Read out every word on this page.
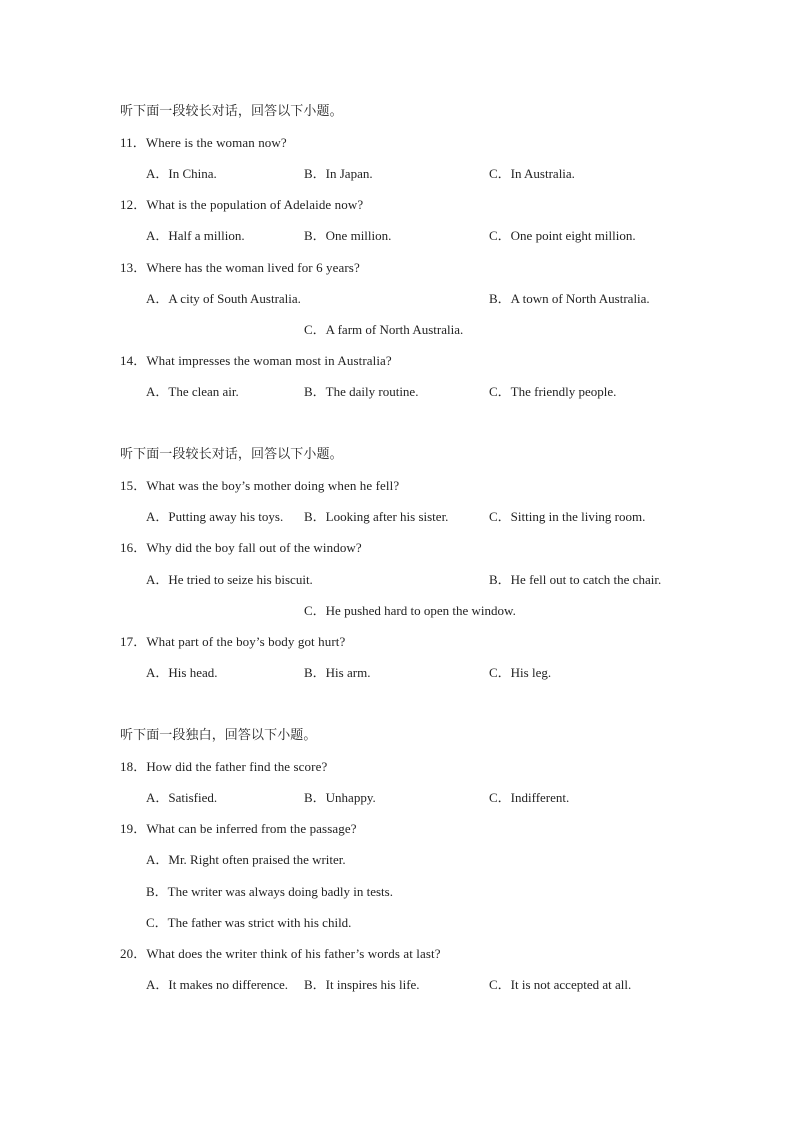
听下面一段较长对话，回答以下小题。
11．Where is the woman now?
A．In China.	B．In Japan.	C．In Australia.
12．What is the population of Adelaide now?
A．Half a million.	B．One million.	C．One point eight million.
13．Where has the woman lived for 6 years?
A．A city of South Australia.	B．A town of North Australia.
C．A farm of North Australia.
14．What impresses the woman most in Australia?
A．The clean air.	B．The daily routine.	C．The friendly people.
听下面一段较长对话，回答以下小题。
15．What was the boy’s mother doing when he fell?
A．Putting away his toys. B．Looking after his sister.	C．Sitting in the living room.
16．Why did the boy fall out of the window?
A．He tried to seize his biscuit.	B．He fell out to catch the chair.
C．He pushed hard to open the window.
17．What part of the boy’s body got hurt?
A．His head.	B．His arm.	C．His leg.
听下面一段独白，回答以下小题。
18．How did the father find the score?
A．Satisfied.	B．Unhappy.	C．Indifferent.
19．What can be inferred from the passage?
A．Mr. Right often praised the writer.
B．The writer was always doing badly in tests.
C．The father was strict with his child.
20．What does the writer think of his father’s words at last?
A．It makes no difference. B．It inspires his life.	C．It is not accepted at all.
